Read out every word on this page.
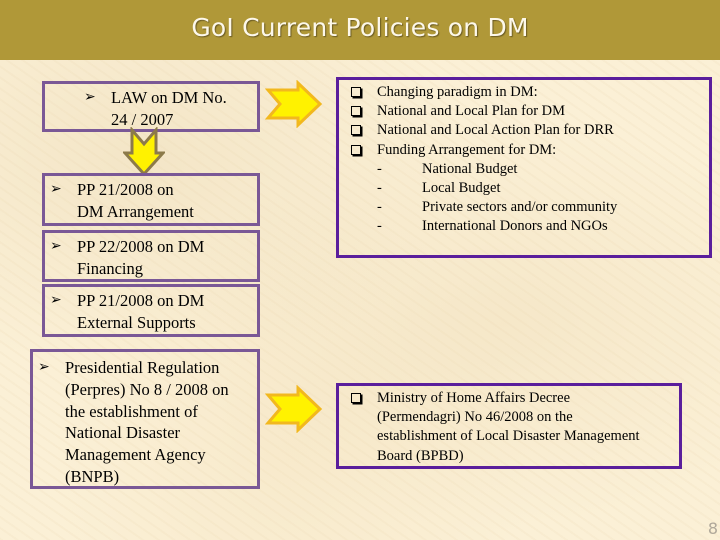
GoI Current Policies on DM
➢ LAW on DM No.
24 / 2007
➢ PP 21/2008 on
DM Arrangement
➢ PP 22/2008 on DM
Financing
➢ PP 21/2008 on DM
External Supports
➢ Presidential Regulation
(Perpres) No 8 / 2008 on
the establishment of
National Disaster
Management Agency
(BNPB)
Changing paradigm in DM:
National and Local Plan for DM
National and Local Action Plan for DRR
Funding Arrangement for DM:
-	National Budget
-	Local Budget
-	Private sectors and/or community
-	International Donors and NGOs
Ministry of Home Affairs Decree
(Permendagri) No 46/2008 on the
establishment of Local Disaster Management
Board (BPBD)
8
